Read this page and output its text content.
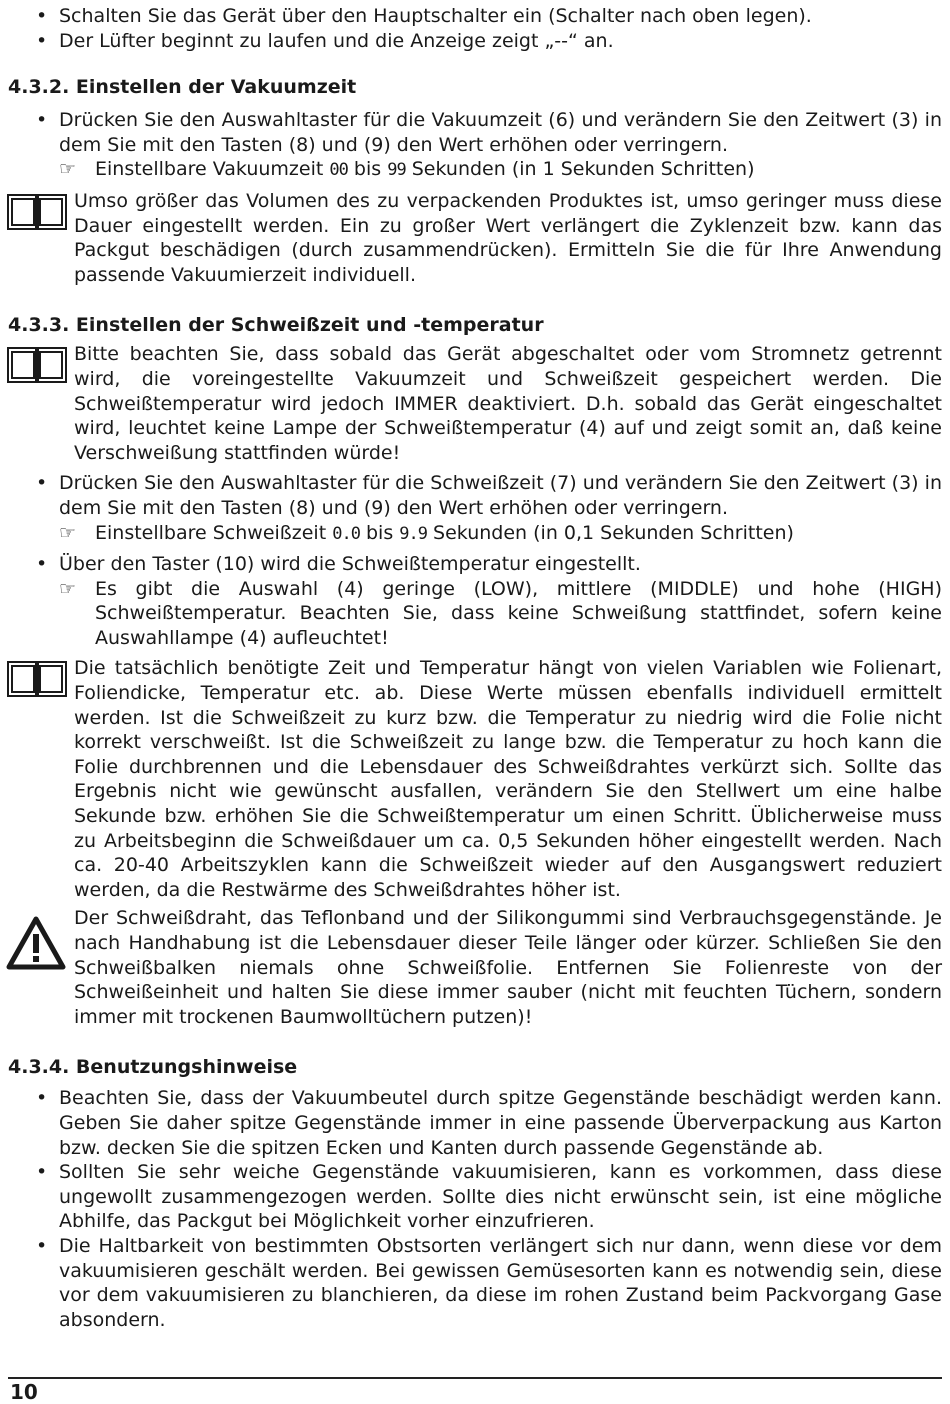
•
Schalten Sie das Gerät über den Hauptschalter ein (Schalter nach oben legen).
•
Der Lüfter beginnt zu laufen und die Anzeige zeigt „--“ an.
4.3.2. Einstellen der Vakuumzeit
•
Drücken Sie den Auswahltaster für die Vakuumzeit (6) und verändern Sie den Zeitwert (3) in dem Sie mit den Tasten (8) und (9) den Wert erhöhen oder verringern.
☞
Einstellbare Vakuumzeit 00 bis 99 Sekunden (in 1 Sekunden Schritten)
Umso größer das Volumen des zu verpackenden Produktes ist, umso geringer muss diese Dauer eingestellt werden. Ein zu großer Wert verlängert die Zyklenzeit bzw. kann das Packgut beschädigen (durch zusammendrücken). Ermitteln Sie die für Ihre Anwendung passende Vakuumierzeit individuell.
4.3.3. Einstellen der Schweißzeit und -temperatur
Bitte beachten Sie, dass sobald das Gerät abgeschaltet oder vom Stromnetz getrennt wird, die voreingestellte Vakuumzeit und Schweißzeit gespeichert werden. Die Schweißtemperatur wird jedoch IMMER deaktiviert. D.h. sobald das Gerät eingeschaltet wird, leuchtet keine Lampe der Schweißtemperatur (4) auf und zeigt somit an, daß keine Verschweißung stattfinden würde!
•
Drücken Sie den Auswahltaster für die Schweißzeit (7) und verändern Sie den Zeitwert (3) in dem Sie mit den Tasten (8) und (9) den Wert erhöhen oder verringern.
☞
Einstellbare Schweißzeit 0.0 bis 9.9 Sekunden (in 0,1 Sekunden Schritten)
•
Über den Taster (10) wird die Schweißtemperatur eingestellt.
☞
Es gibt die Auswahl (4) geringe (LOW), mittlere (MIDDLE) und hohe (HIGH) Schweißtemperatur. Beachten Sie, dass keine Schweißung stattfindet, sofern keine Auswahllampe (4) aufleuchtet!
Die tatsächlich benötigte Zeit und Temperatur hängt von vielen Variablen wie Folienart, Foliendicke, Temperatur etc. ab. Diese Werte müssen ebenfalls individuell ermittelt werden. Ist die Schweißzeit zu kurz bzw. die Temperatur zu niedrig wird die Folie nicht korrekt verschweißt. Ist die Schweißzeit zu lange bzw. die Temperatur zu hoch kann die Folie durchbrennen und die Lebensdauer des Schweißdrahtes verkürzt sich. Sollte das Ergebnis nicht wie gewünscht ausfallen, verändern Sie den Stellwert um eine halbe Sekunde bzw. erhöhen Sie die Schweißtemperatur um einen Schritt. Üblicherweise muss zu Arbeitsbeginn die Schweißdauer um ca. 0,5 Sekunden höher eingestellt werden. Nach ca. 20-40 Arbeitszyklen kann die Schweißzeit wieder auf den Ausgangswert reduziert werden, da die Restwärme des Schweißdrahtes höher ist.
Der Schweißdraht, das Teflonband und der Silikongummi sind Verbrauchsgegenstände. Je nach Handhabung ist die Lebensdauer dieser Teile länger oder kürzer. Schließen Sie den Schweißbalken niemals ohne Schweißfolie. Entfernen Sie Folienreste von der Schweißeinheit und halten Sie diese immer sauber (nicht mit feuchten Tüchern, sondern immer mit trockenen Baumwolltüchern putzen)!
4.3.4. Benutzungshinweise
•
Beachten Sie, dass der Vakuumbeutel durch spitze Gegenstände beschädigt werden kann. Geben Sie daher spitze Gegenstände immer in eine passende Überverpackung aus Karton bzw. decken Sie die spitzen Ecken und Kanten durch passende Gegenstände ab.
•
Sollten Sie sehr weiche Gegenstände vakuumisieren, kann es vorkommen, dass diese ungewollt zusammengezogen werden. Sollte dies nicht erwünscht sein, ist eine mögliche Abhilfe, das Packgut bei Möglichkeit vorher einzufrieren.
•
Die Haltbarkeit von bestimmten Obstsorten verlängert sich nur dann, wenn diese vor dem vakuumisieren geschält werden. Bei gewissen Gemüsesorten kann es notwendig sein, diese vor dem vakuumisieren zu blanchieren, da diese im rohen Zustand beim Packvorgang Gase absondern.
10
